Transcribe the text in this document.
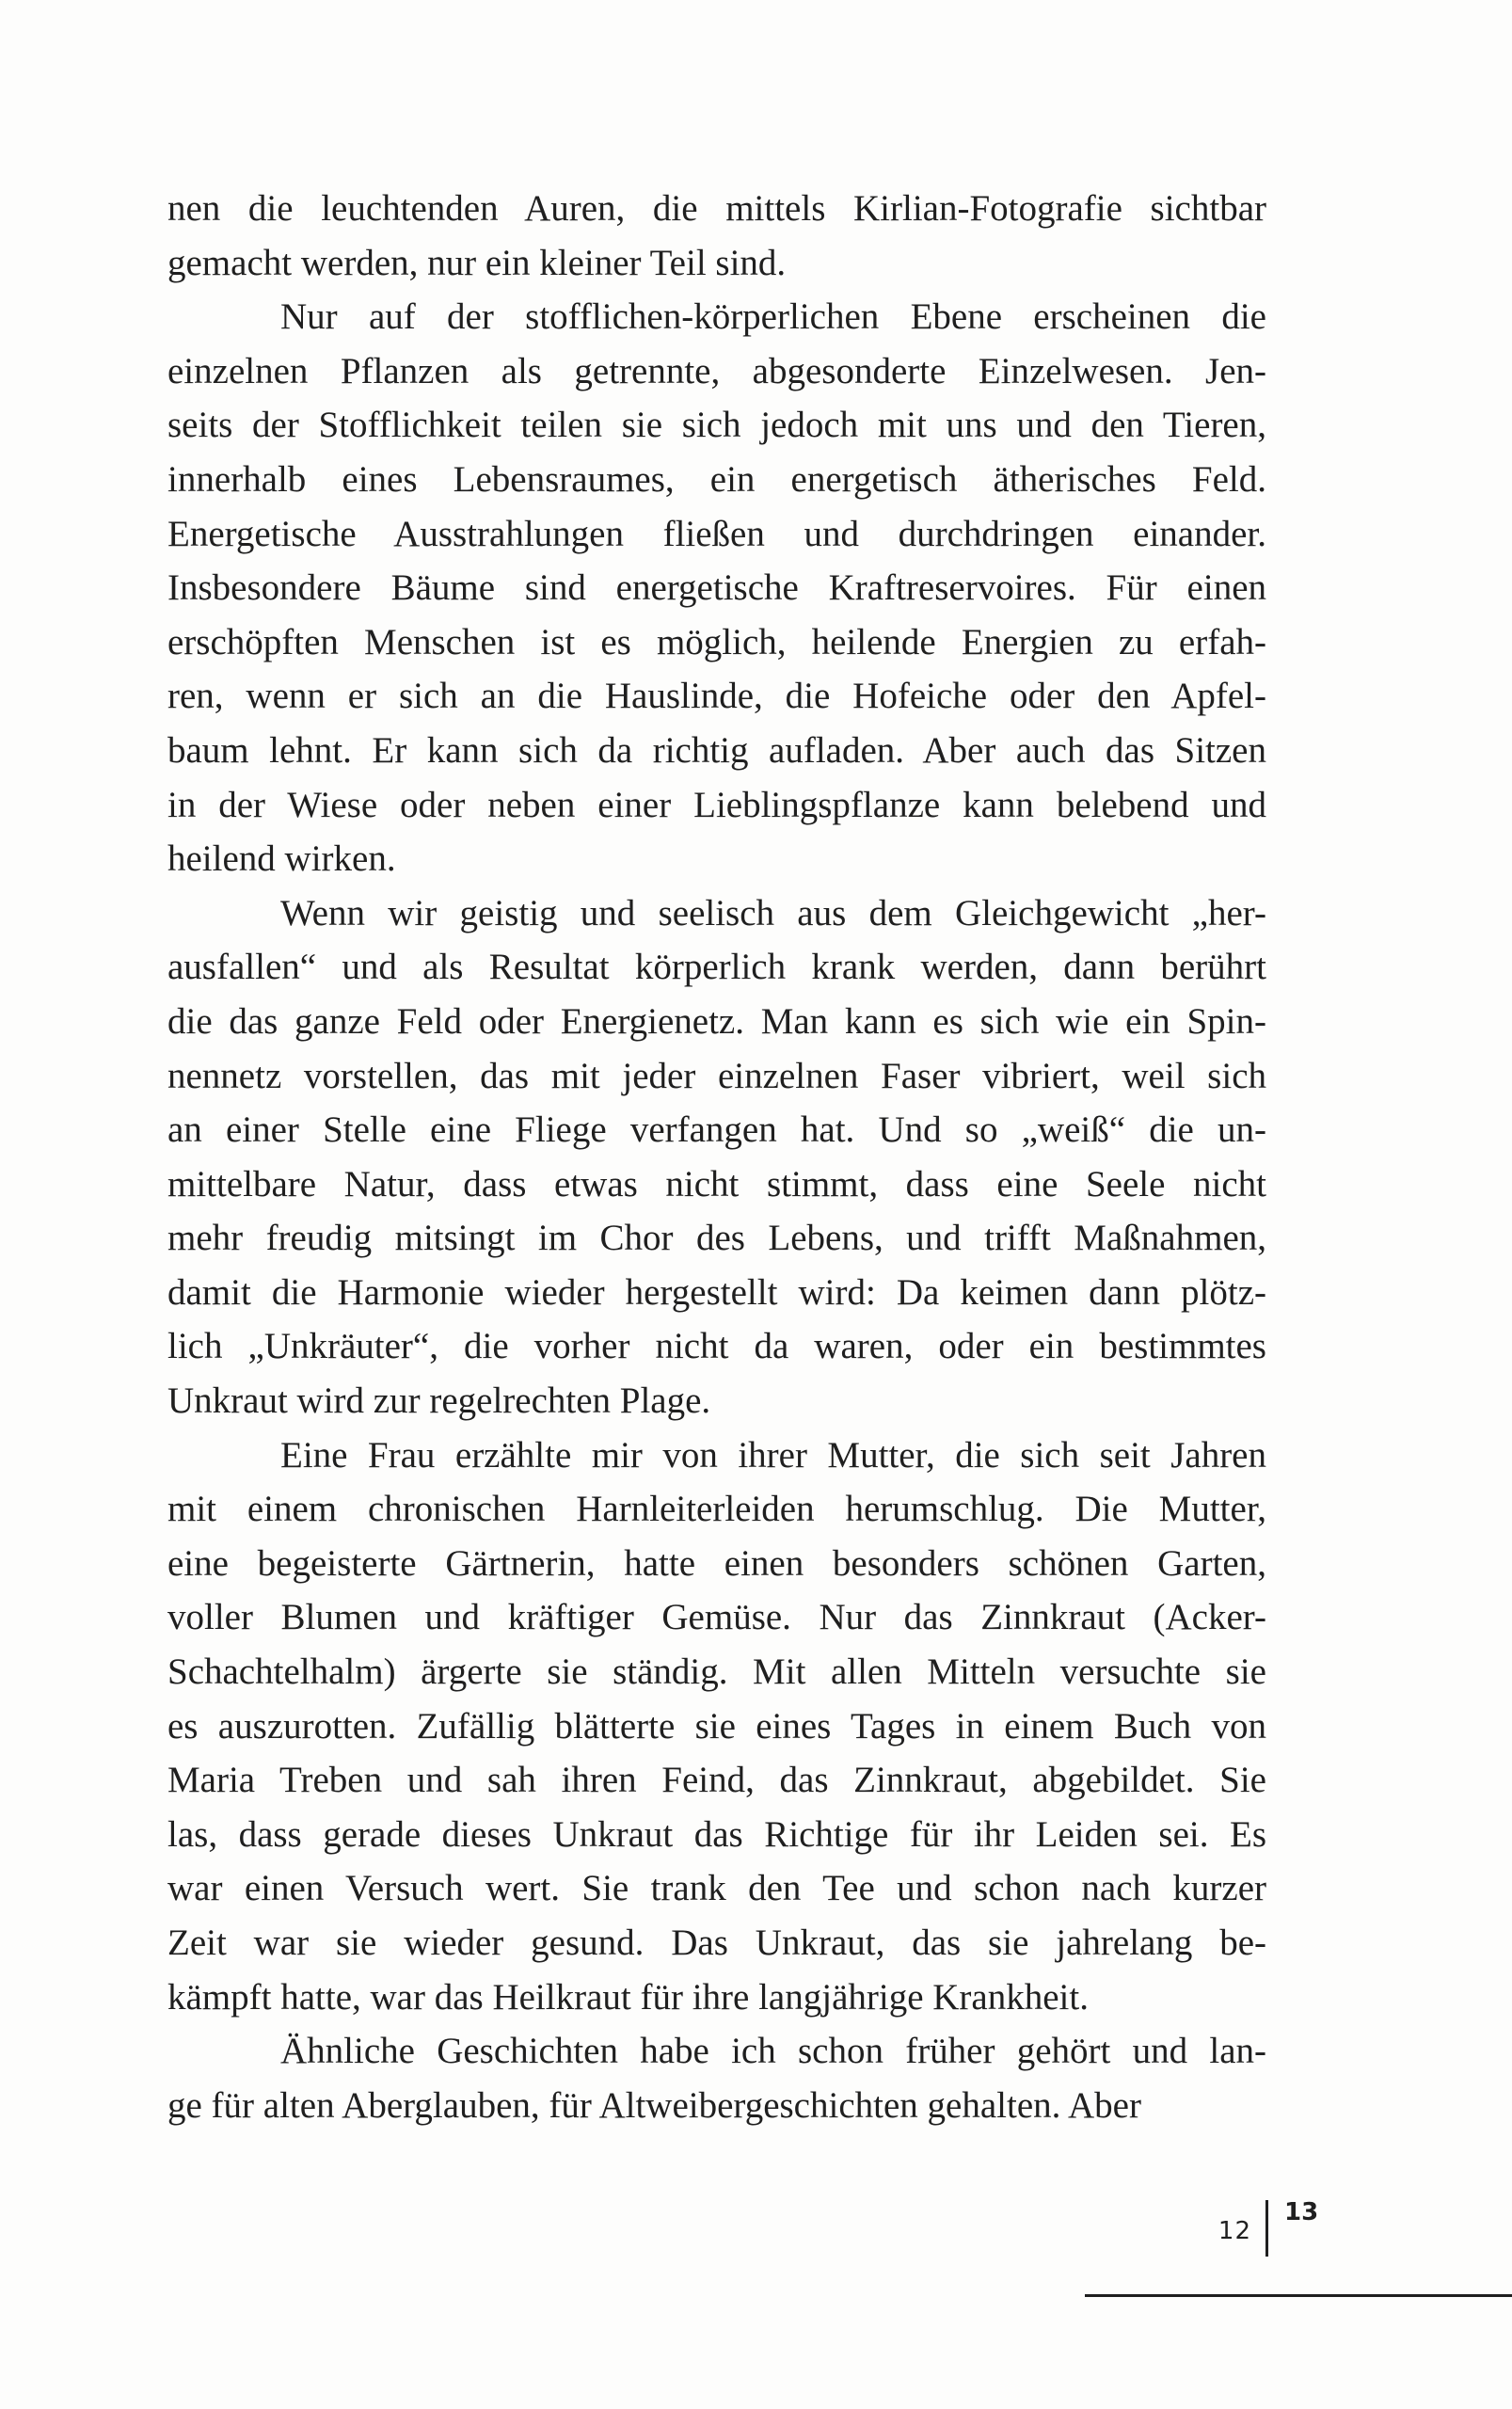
nen die leuchtenden Auren, die mittels Kirlian-Fotografie sichtbar
gemacht werden, nur ein kleiner Teil sind.

Nur auf der stofflichen-körperlichen Ebene erscheinen die
einzelnen Pflanzen als getrennte, abgesonderte Einzelwesen. Jen-
seits der Stofflichkeit teilen sie sich jedoch mit uns und den Tieren,
innerhalb eines Lebensraumes, ein energetisch ätherisches Feld.
Energetische Ausstrahlungen fließen und durchdringen einander.
Insbesondere Bäume sind energetische Kraftreservoires. Für einen
erschöpften Menschen ist es möglich, heilende Energien zu erfah-
ren, wenn er sich an die Hauslinde, die Hofeiche oder den Apfel-
baum lehnt. Er kann sich da richtig aufladen. Aber auch das Sitzen
in der Wiese oder neben einer Lieblingspflanze kann belebend und
heilend wirken.

Wenn wir geistig und seelisch aus dem Gleichgewicht „her-
ausfallen“ und als Resultat körperlich krank werden, dann berührt
die das ganze Feld oder Energienetz. Man kann es sich wie ein Spin-
nennetz vorstellen, das mit jeder einzelnen Faser vibriert, weil sich
an einer Stelle eine Fliege verfangen hat. Und so „weiß“ die un-
mittelbare Natur, dass etwas nicht stimmt, dass eine Seele nicht
mehr freudig mitsingt im Chor des Lebens, und trifft Maßnahmen,
damit die Harmonie wieder hergestellt wird: Da keimen dann plötz-
lich „Unkräuter“, die vorher nicht da waren, oder ein bestimmtes
Unkraut wird zur regelrechten Plage.

Eine Frau erzählte mir von ihrer Mutter, die sich seit Jahren
mit einem chronischen Harnleiterleiden herumschlug. Die Mutter,
eine begeisterte Gärtnerin, hatte einen besonders schönen Garten,
voller Blumen und kräftiger Gemüse. Nur das Zinnkraut (Acker-
Schachtelhalm) ärgerte sie ständig. Mit allen Mitteln versuchte sie
es auszurotten. Zufällig blätterte sie eines Tages in einem Buch von
Maria Treben und sah ihren Feind, das Zinnkraut, abgebildet. Sie
las, dass gerade dieses Unkraut das Richtige für ihr Leiden sei. Es
war einen Versuch wert. Sie trank den Tee und schon nach kurzer
Zeit war sie wieder gesund. Das Unkraut, das sie jahrelang be-
kämpft hatte, war das Heilkraut für ihre langjährige Krankheit.

Ähnliche Geschichten habe ich schon früher gehört und lan-
ge für alten Aberglauben, für Altweibergeschichten gehalten. Aber

12
13
